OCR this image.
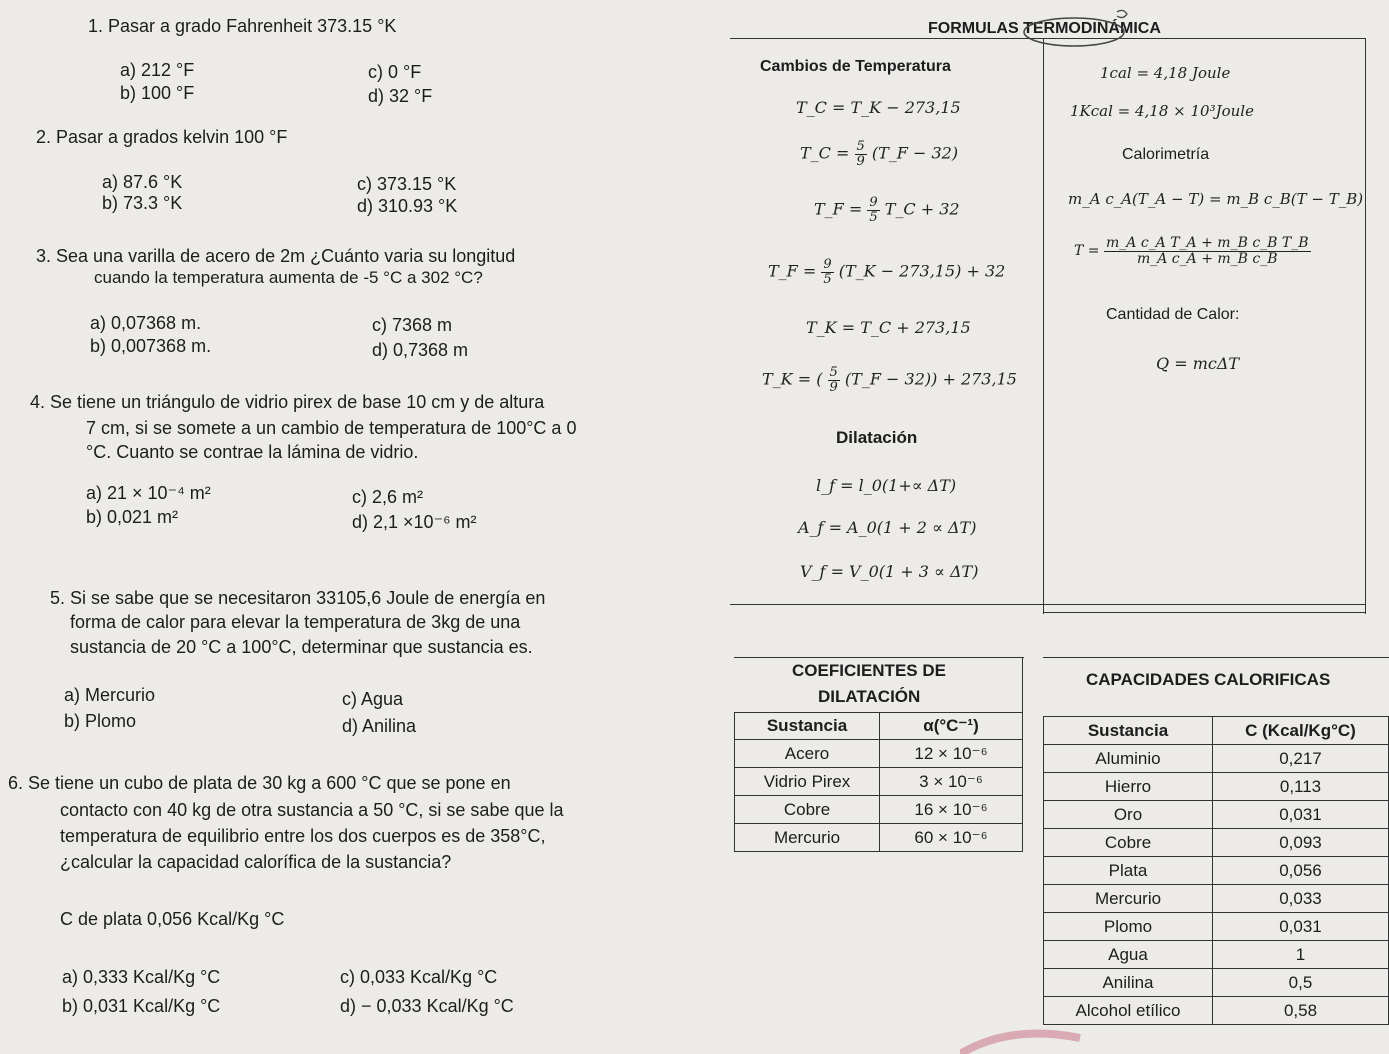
1. Pasar a grado Fahrenheit 373.15 °K
a) 212 °F	c) 0 °F
b) 100 °F	d) 32 °F
2. Pasar a grados kelvin 100 °F
a) 87.6 °K	c) 373.15 °K
b) 73.3 °K	d) 310.93 °K
3. Sea una varilla de acero de 2m ¿Cuánto varia su longitud
cuando la temperatura aumenta de -5 °C a 302 °C?
a) 0,07368 m.	c) 7368 m
b) 0,007368 m.	d) 0,7368 m
4. Se tiene un triángulo de vidrio pirex de base 10 cm y de altura
7 cm, si se somete a un cambio de temperatura de 100°C a 0
°C. Cuanto se contrae la lámina de vidrio.
a) 21 × 10⁻⁴ m²	c) 2,6 m²
b) 0,021 m²	d) 2,1 ×10⁻⁶ m²
5. Si se sabe que se necesitaron 33105,6 Joule de energía en
forma de calor para elevar la temperatura de 3kg de una
sustancia de 20 °C a 100°C, determinar que sustancia es.
a) Mercurio	c) Agua
b) Plomo	d) Anilina
6. Se tiene un cubo de plata de 30 kg a 600 °C que se pone en
contacto con 40 kg de otra sustancia a 50 °C, si se sabe que la
temperatura de equilibrio entre los dos cuerpos es de 358°C,
¿calcular la capacidad calorífica de la sustancia?
C de plata 0,056 Kcal/Kg °C
a) 0,333 Kcal/Kg °C	c) 0,033 Kcal/Kg °C
b) 0,031 Kcal/Kg °C	d) − 0,033 Kcal/Kg °C
FORMULAS TERMODINÁMICA
Cambios de Temperatura
T_C = T_K − 273,15
T_C = $\frac{5}{9}$ (T_F − 32)
T_F = $\frac{9}{5}$ T_C + 32
T_F = $\frac{9}{5}$ (T_K − 273,15) + 32
T_K = T_C + 273,15
T_K = ( $\frac{5}{9}$ (T_F − 32)) + 273,15
Dilatación
l_f = l_0(1+∝ ΔT)
A_f = A_0(1 + 2 ∝ ΔT)
V_f = V_0(1 + 3 ∝ ΔT)
1cal = 4,18 Joule
1Kcal = 4,18 × 10³Joule
Calorimetría
m_A c_A(T_A − T) = m_B c_B(T − T_B)
$T = \frac{\text{m\_A c\_A T\_A + m\_B c\_B T\_B}}{\text{m\_A c\_A + m\_B c\_B}}$
Cantidad de Calor:
Q = mcΔT
COEFICIENTES DE
DILATACIÓN
Sustancia	α(°C⁻¹)
Acero	12 × 10⁻⁶
Vidrio Pirex	3 × 10⁻⁶
Cobre	16 × 10⁻⁶
Mercurio	60 × 10⁻⁶
CAPACIDADES CALORIFICAS
Sustancia	C (Kcal/Kg°C)
Aluminio	0,217
Hierro	0,113
Oro	0,031
Cobre	0,093
Plata	0,056
Mercurio	0,033
Plomo	0,031
Agua	1
Anilina	0,5
Alcohol etílico	0,58
